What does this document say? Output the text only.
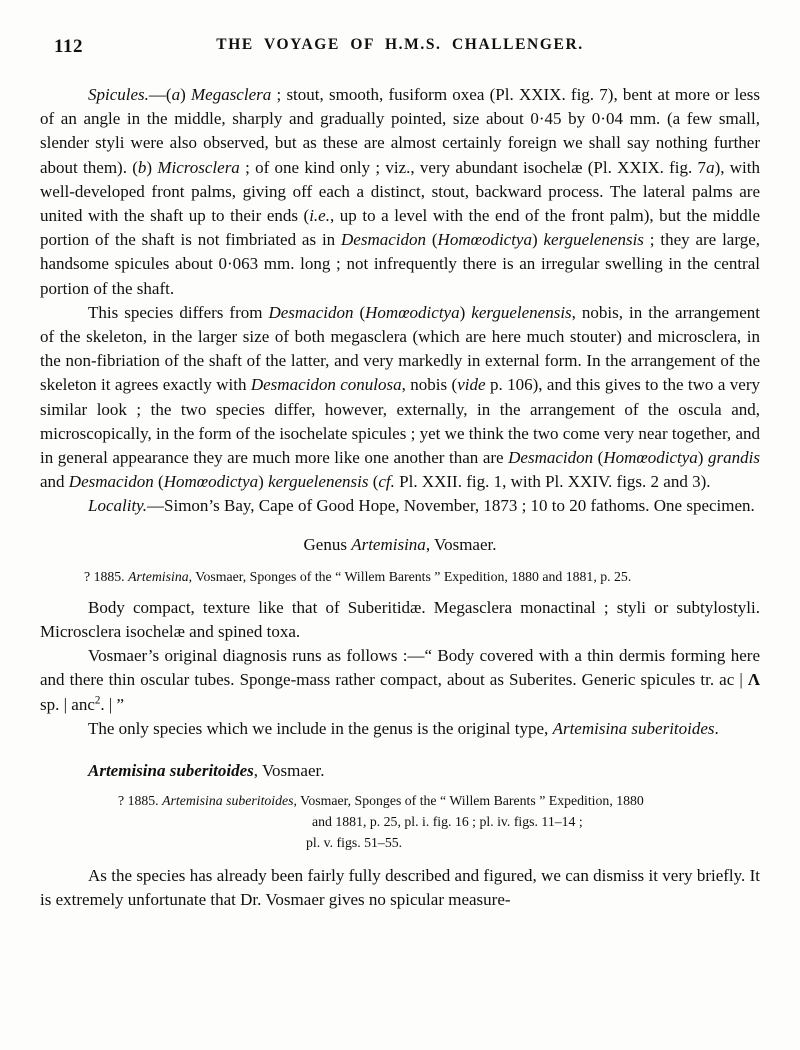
112	THE VOYAGE OF H.M.S. CHALLENGER.
Spicules.—(a) Megasclera ; stout, smooth, fusiform oxea (Pl. XXIX. fig. 7), bent at more or less of an angle in the middle, sharply and gradually pointed, size about 0·45 by 0·04 mm. (a few small, slender styli were also observed, but as these are almost certainly foreign we shall say nothing further about them). (b) Microsclera ; of one kind only ; viz., very abundant isochelæ (Pl. XXIX. fig. 7a), with well-developed front palms, giving off each a distinct, stout, backward process. The lateral palms are united with the shaft up to their ends (i.e., up to a level with the end of the front palm), but the middle portion of the shaft is not fimbriated as in Desmacidon (Homœodictya) kerguelenensis ; they are large, handsome spicules about 0·063 mm. long ; not infrequently there is an irregular swelling in the central portion of the shaft.
This species differs from Desmacidon (Homœodictya) kerguelenensis, nobis, in the arrangement of the skeleton, in the larger size of both megasclera (which are here much stouter) and microsclera, in the non-fibriation of the shaft of the latter, and very markedly in external form. In the arrangement of the skeleton it agrees exactly with Desmacidon conulosa, nobis (vide p. 106), and this gives to the two a very similar look ; the two species differ, however, externally, in the arrangement of the oscula and, microscopically, in the form of the isochelate spicules ; yet we think the two come very near together, and in general appearance they are much more like one another than are Desmacidon (Homœodictya) grandis and Desmacidon (Homœodictya) kerguelenensis (cf. Pl. XXII. fig. 1, with Pl. XXIV. figs. 2 and 3).
Locality.—Simon’s Bay, Cape of Good Hope, November, 1873 ; 10 to 20 fathoms. One specimen.
Genus Artemisina, Vosmaer.
? 1885. Artemisina, Vosmaer, Sponges of the “ Willem Barents ” Expedition, 1880 and 1881, p. 25.
Body compact, texture like that of Suberitidæ. Megasclera monactinal ; styli or subtylostyli. Microsclera isochelæ and spined toxa.
Vosmaer’s original diagnosis runs as follows :—“ Body covered with a thin dermis forming here and there thin oscular tubes. Sponge-mass rather compact, about as Suberites. Generic spicules tr. ac | Λ sp. | anc$^2$. | ”
The only species which we include in the genus is the original type, Artemisina suberitoides.
Artemisina suberitoides, Vosmaer.
? 1885. Artemisina suberitoides, Vosmaer, Sponges of the “ Willem Barents ” Expedition, 1880
and 1881, p. 25, pl. i. fig. 16 ; pl. iv. figs. 11–14 ;
pl. v. figs. 51–55.
As the species has already been fairly fully described and figured, we can dismiss it very briefly. It is extremely unfortunate that Dr. Vosmaer gives no spicular measure-
